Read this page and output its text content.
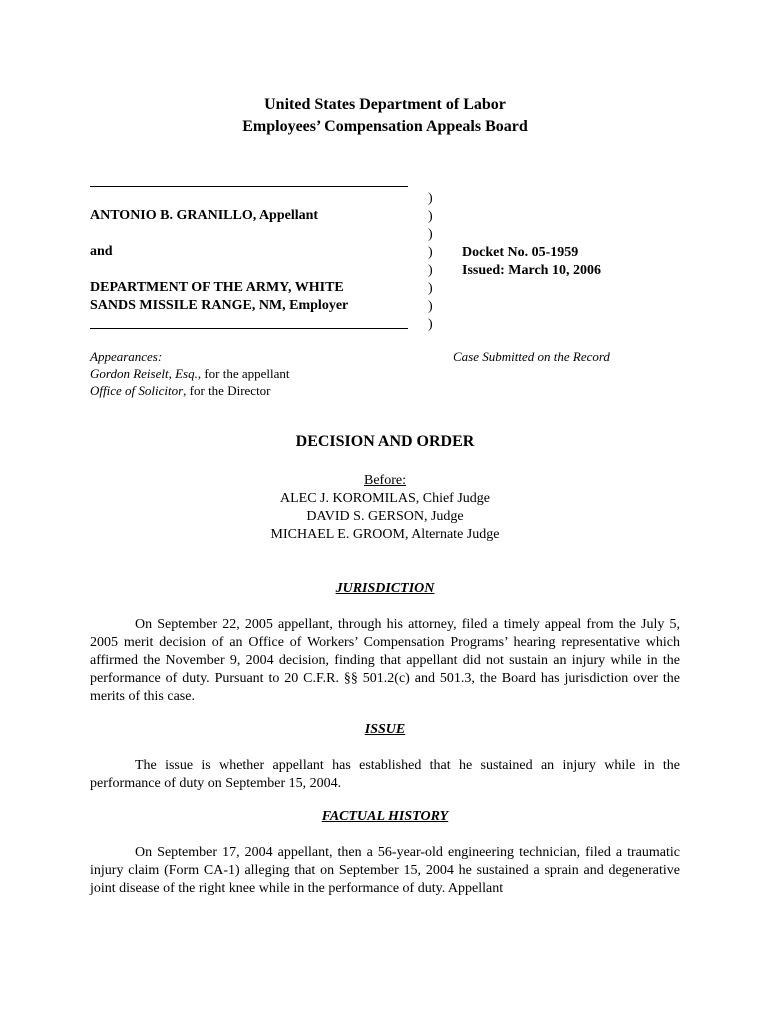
United States Department of Labor
Employees’ Compensation Appeals Board
ANTONIO B. GRANILLO, Appellant
and
DEPARTMENT OF THE ARMY, WHITE
SANDS MISSILE RANGE, NM, Employer
)
)
)
)
)
)
)
)
Docket No. 05-1959
Issued: March 10, 2006
Appearances:
Gordon Reiselt, Esq., for the appellant
Office of Solicitor, for the Director
Case Submitted on the Record
DECISION AND ORDER
Before:
ALEC J. KOROMILAS, Chief Judge
DAVID S. GERSON, Judge
MICHAEL E. GROOM, Alternate Judge
JURISDICTION

On September 22, 2005 appellant, through his attorney, filed a timely appeal from the July 5, 2005 merit decision of an Office of Workers’ Compensation Programs’ hearing representative which affirmed the November 9, 2004 decision, finding that appellant did not sustain an injury while in the performance of duty. Pursuant to 20 C.F.R. §§ 501.2(c) and 501.3, the Board has jurisdiction over the merits of this case.

ISSUE

The issue is whether appellant has established that he sustained an injury while in the performance of duty on September 15, 2004.

FACTUAL HISTORY

On September 17, 2004 appellant, then a 56-year-old engineering technician, filed a traumatic injury claim (Form CA-1) alleging that on September 15, 2004 he sustained a sprain and degenerative joint disease of the right knee while in the performance of duty. Appellant
